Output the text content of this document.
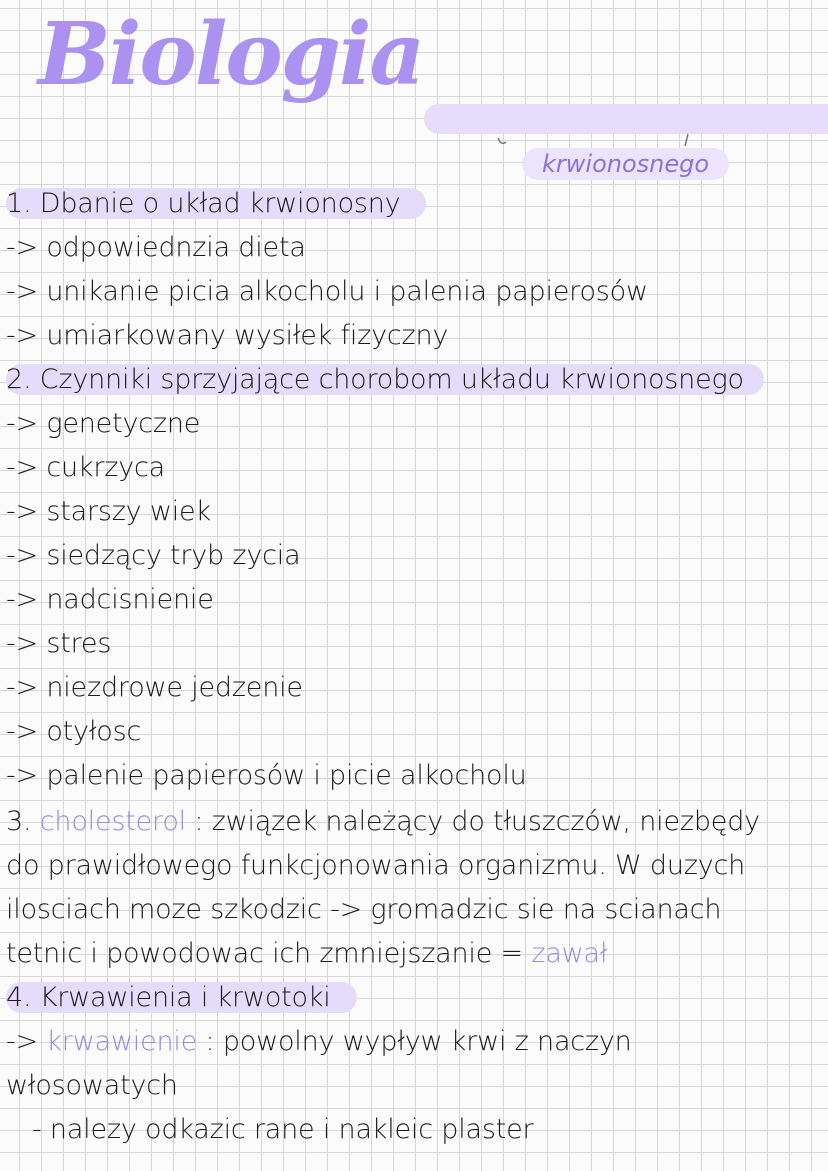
Biologia
krwionosnego
1. Dbanie o układ krwionosny
-> odpowiednzia dieta
-> unikanie picia alkocholu i palenia papierosów
-> umiarkowany wysiłek fizyczny
2. Czynniki sprzyjające chorobom układu krwionosnego
-> genetyczne
-> cukrzyca
-> starszy wiek
-> siedzący tryb zycia
-> nadcisnienie
-> stres
-> niezdrowe jedzenie
-> otyłosc
-> palenie papierosów i picie alkocholu
3. cholesterol : związek należący do tłuszczów, niezbędy
do prawidłowego funkcjonowania organizmu. W duzych
ilosciach moze szkodzic -> gromadzic sie na scianach
tetnic i powodowac ich zmniejszanie = zawał
4. Krwawienia i krwotoki
-> krwawienie : powolny wypływ krwi z naczyn
włosowatych
- nalezy odkazic rane i nakleic plaster
